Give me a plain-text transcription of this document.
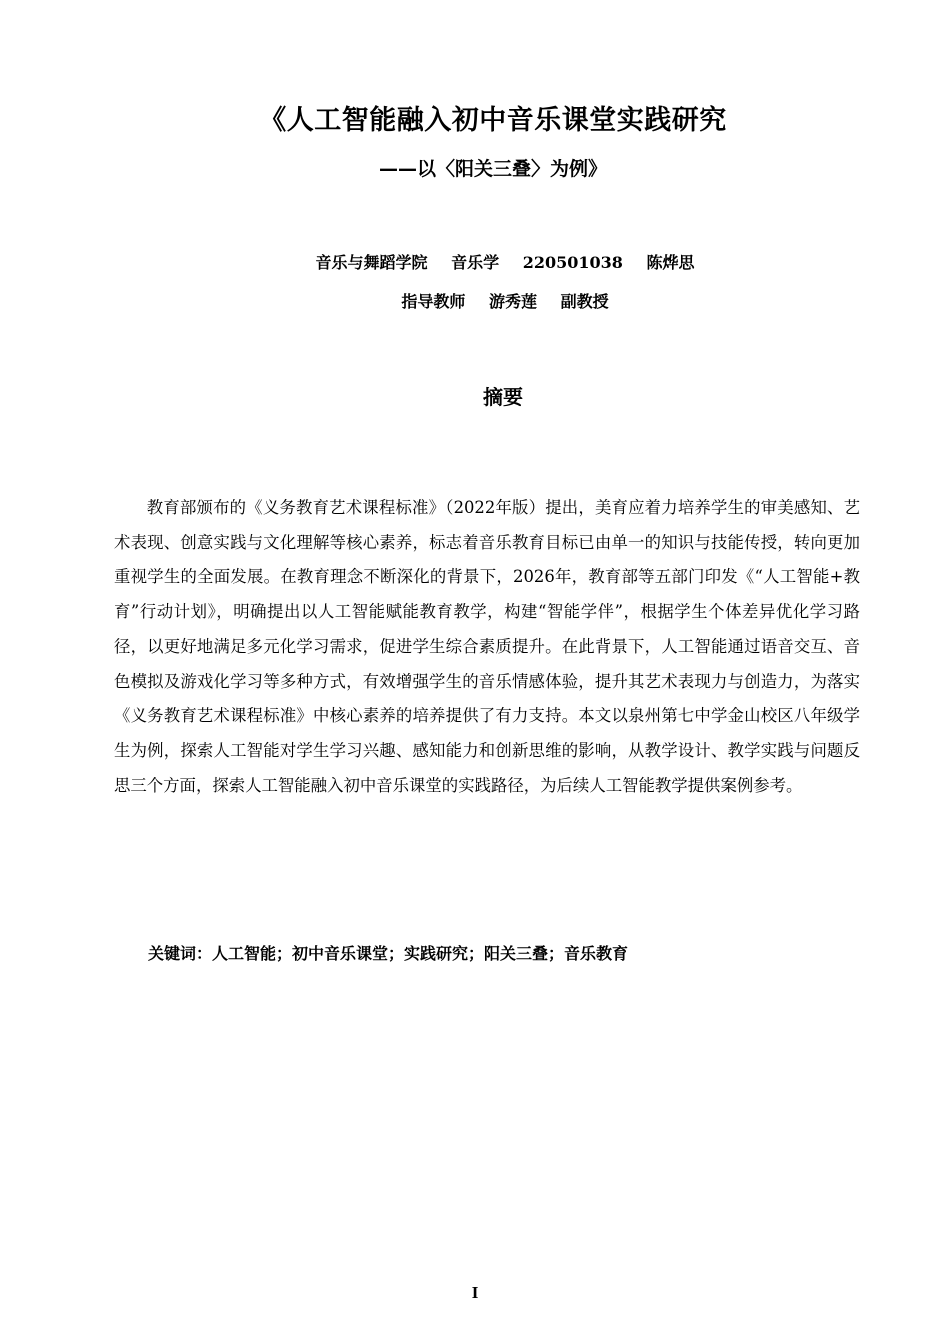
《人工智能融入初中音乐课堂实践研究
——以〈阳关三叠〉为例》
音乐与舞蹈学院 音乐学 220501038 陈烨思
指导教师 游秀莲 副教授
摘要

教育部颁布的《义务教育艺术课程标准》（2022年版）提出，美育应着力培养学生的审美感知、艺术表现、创意实践与文化理解等核心素养，标志着音乐教育目标已由单一的知识与技能传授，转向更加重视学生的全面发展。在教育理念不断深化的背景下，2026年，教育部等五部门印发《“人工智能+教育”行动计划》，明确提出以人工智能赋能教育教学，构建“智能学伴”，根据学生个体差异优化学习路径，以更好地满足多元化学习需求，促进学生综合素质提升。在此背景下，人工智能通过语音交互、音色模拟及游戏化学习等多种方式，有效增强学生的音乐情感体验，提升其艺术表现力与创造力，为落实《义务教育艺术课程标准》中核心素养的培养提供了有力支持。本文以泉州第七中学金山校区八年级学生为例，探索人工智能对学生学习兴趣、感知能力和创新思维的影响，从教学设计、教学实践与问题反思三个方面，探索人工智能融入初中音乐课堂的实践路径，为后续人工智能教学提供案例参考。

关键词：人工智能；初中音乐课堂；实践研究；阳关三叠；音乐教育
I
